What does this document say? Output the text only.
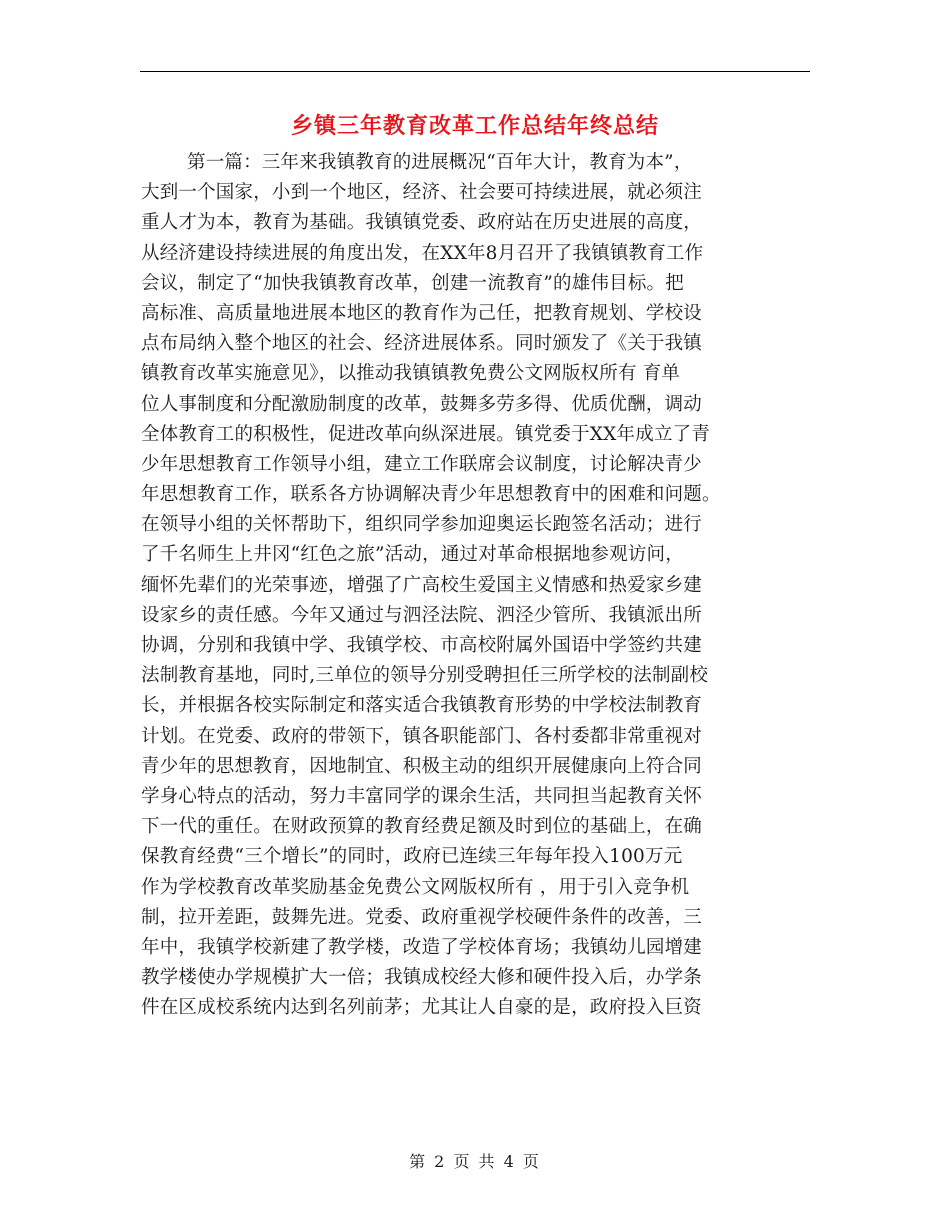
乡镇三年教育改革工作总结年终总结
第一篇：三年来我镇教育的进展概况“百年大计，教育为本”，
大到一个国家，小到一个地区，经济、社会要可持续进展，就必须注
重人才为本，教育为基础。我镇镇党委、政府站在历史进展的高度，
从经济建设持续进展的角度出发，在XX年8月召开了我镇镇教育工作
会议，制定了“加快我镇教育改革，创建一流教育”的雄伟目标。把
高标准、高质量地进展本地区的教育作为己任，把教育规划、学校设
点布局纳入整个地区的社会、经济进展体系。同时颁发了《关于我镇
镇教育改革实施意见》，以推动我镇镇教免费公文网版权所有 育单
位人事制度和分配激励制度的改革，鼓舞多劳多得、优质优酬，调动
全体教育工的积极性，促进改革向纵深进展。镇党委于XX年成立了青
少年思想教育工作领导小组，建立工作联席会议制度，讨论解决青少
年思想教育工作，联系各方协调解决青少年思想教育中的困难和问题。
在领导小组的关怀帮助下，组织同学参加迎奥运长跑签名活动；进行
了千名师生上井冈“红色之旅”活动，通过对革命根据地参观访问，
缅怀先辈们的光荣事迹，增强了广高校生爱国主义情感和热爱家乡建
设家乡的责任感。今年又通过与泗泾法院、泗泾少管所、我镇派出所
协调，分别和我镇中学、我镇学校、市高校附属外国语中学签约共建
法制教育基地，同时,三单位的领导分别受聘担任三所学校的法制副校
长，并根据各校实际制定和落实适合我镇教育形势的中学校法制教育
计划。在党委、政府的带领下，镇各职能部门、各村委都非常重视对
青少年的思想教育，因地制宜、积极主动的组织开展健康向上符合同
学身心特点的活动，努力丰富同学的课余生活，共同担当起教育关怀
下一代的重任。在财政预算的教育经费足额及时到位的基础上，在确
保教育经费“三个增长”的同时，政府已连续三年每年投入100万元
作为学校教育改革奖励基金免费公文网版权所有 ，用于引入竞争机
制，拉开差距，鼓舞先进。党委、政府重视学校硬件条件的改善，三
年中，我镇学校新建了教学楼，改造了学校体育场；我镇幼儿园增建
教学楼使办学规模扩大一倍；我镇成校经大修和硬件投入后，办学条
件在区成校系统内达到名列前茅；尤其让人自豪的是，政府投入巨资
第 2 页 共 4 页
